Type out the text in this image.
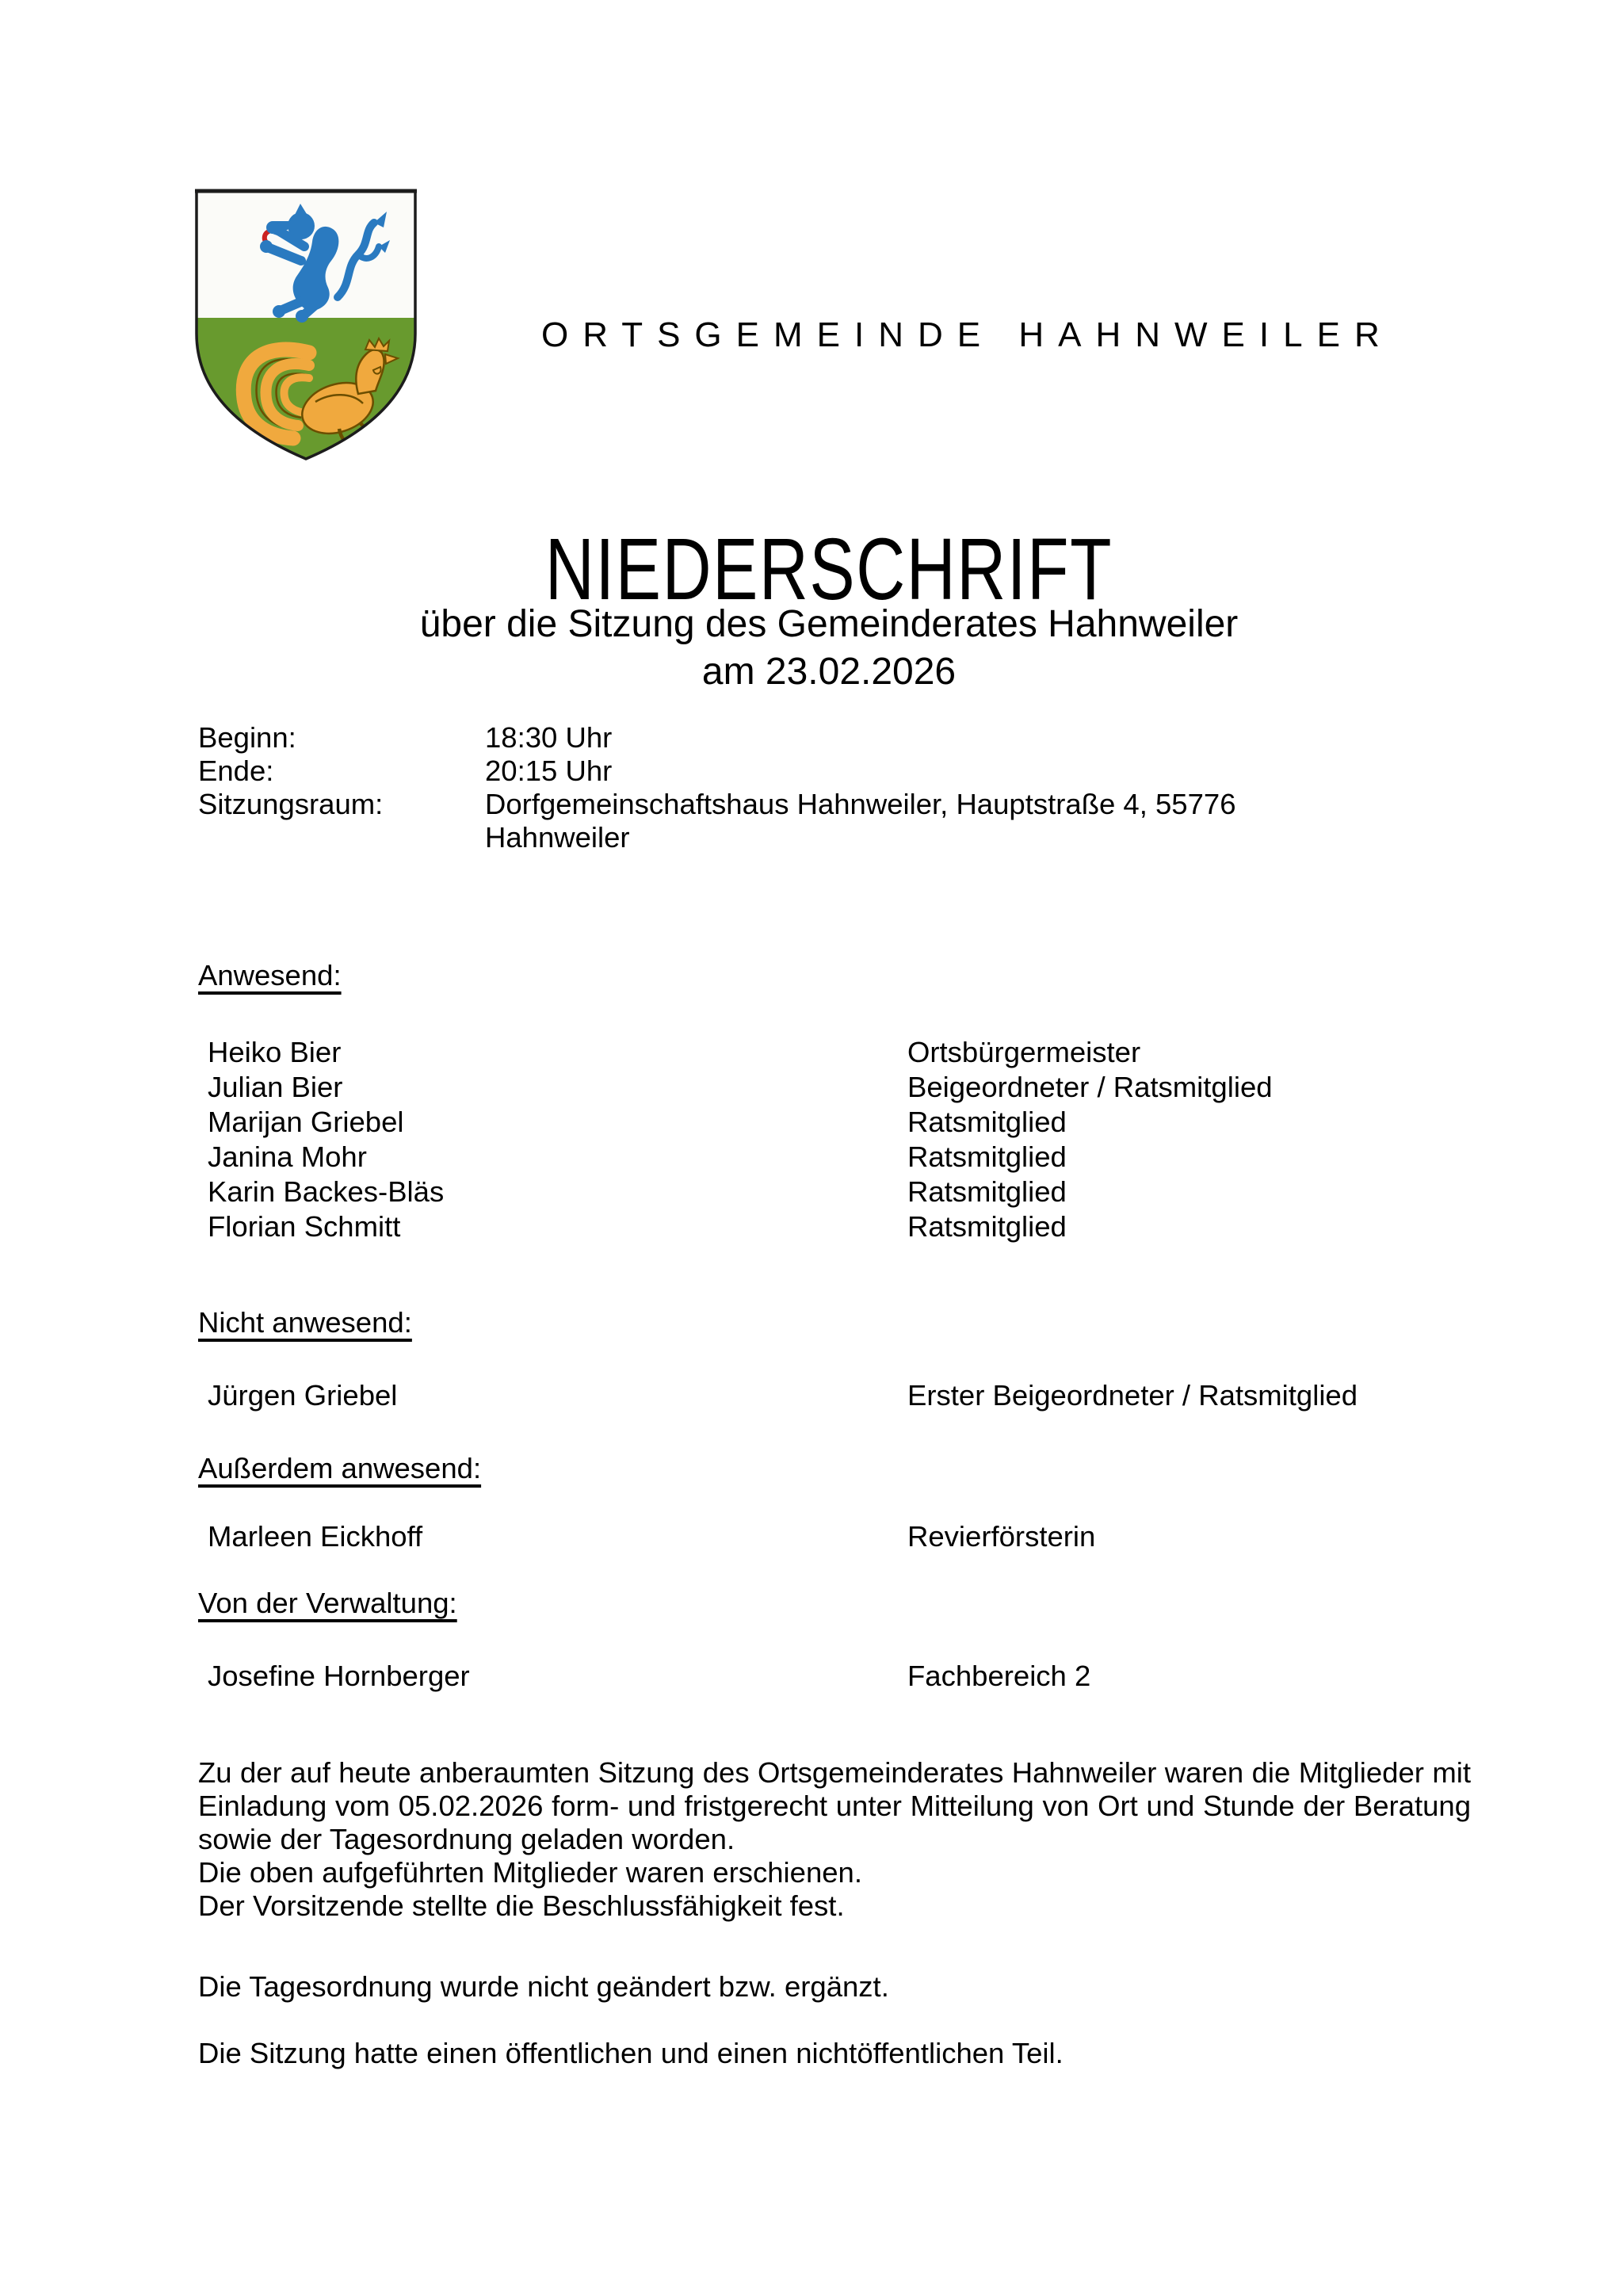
ORTSGEMEINDE HAHNWEILER
NIEDERSCHRIFT
über die Sitzung des Gemeinderates Hahnweiler
am 23.02.2026
Beginn:	18:30 Uhr
Ende:	20:15 Uhr
Sitzungsraum:	Dorfgemeinschaftshaus Hahnweiler, Hauptstraße 4, 55776
Hahnweiler
Anwesend:
Heiko Bier	Ortsbürgermeister
Julian Bier	Beigeordneter / Ratsmitglied
Marijan Griebel	Ratsmitglied
Janina Mohr	Ratsmitglied
Karin Backes-Bläs	Ratsmitglied
Florian Schmitt	Ratsmitglied
Nicht anwesend:
Jürgen Griebel	Erster Beigeordneter / Ratsmitglied
Außerdem anwesend:
Marleen Eickhoff	Revierförsterin
Von der Verwaltung:
Josefine Hornberger	Fachbereich 2
Zu der auf heute anberaumten Sitzung des Ortsgemeinderates Hahnweiler waren die Mitglieder mit Einladung vom 05.02.2026 form- und fristgerecht unter Mitteilung von Ort und Stunde der Beratung sowie der Tagesordnung geladen worden.
Die oben aufgeführten Mitglieder waren erschienen.
Der Vorsitzende stellte die Beschlussfähigkeit fest.
Die Tagesordnung wurde nicht geändert bzw. ergänzt.
Die Sitzung hatte einen öffentlichen und einen nichtöffentlichen Teil.
